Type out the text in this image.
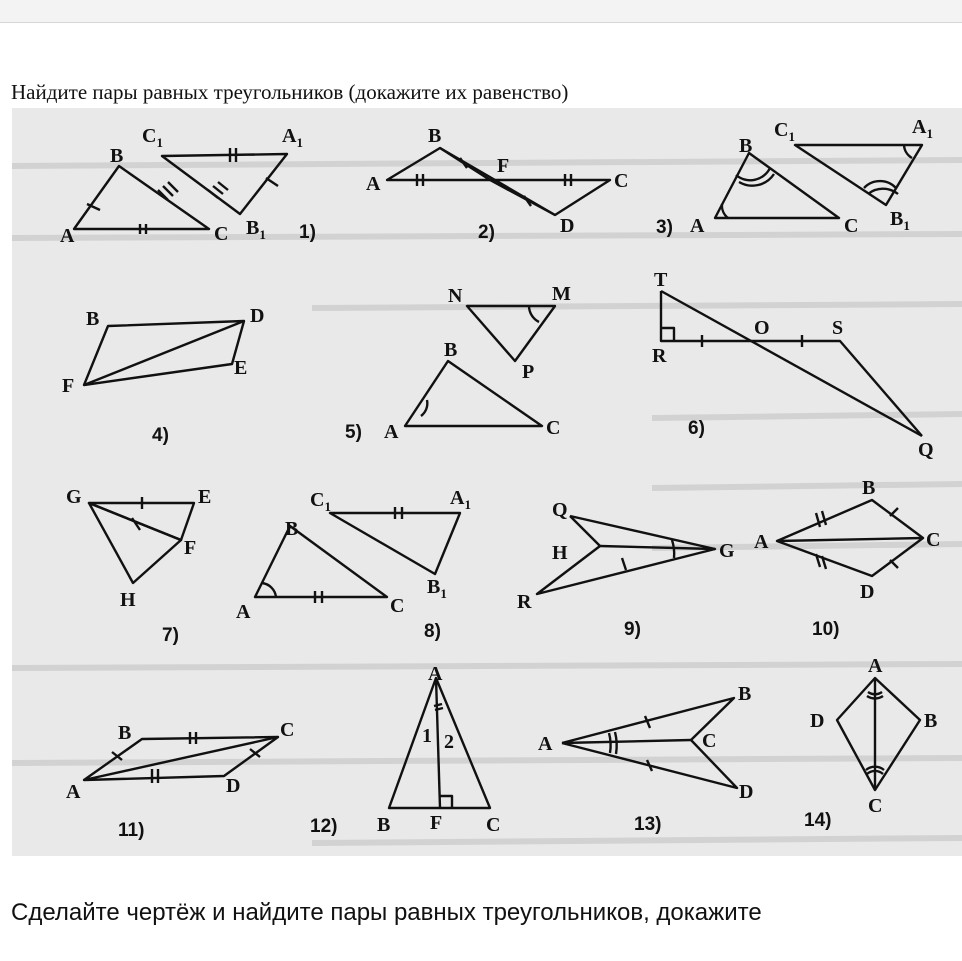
Найдите пары равных треугольников (докажите их равенство)
B
$C_1$
A	C
$A_1$
$B_1$
B
A
F
C
D
B
$C_1$
A	C
$A_1$
$B_1$
B	D
F
E
N	M
P
B
A	C
T
R
O	S
Q
G	E
F
H
$C_1$	$A_1$
B
A
$B_1$
C
Q
H
R
G
B
A	C
D
B	C
A	D
A
1 2
B F C
B
A	C
D
A
D	B
C
1)	2)	3)
4)	5)	6)
7)	8)	9)	10)
11)	12)	13)	14)
Сделайте чертёж и найдите пары равных треугольников, докажите
